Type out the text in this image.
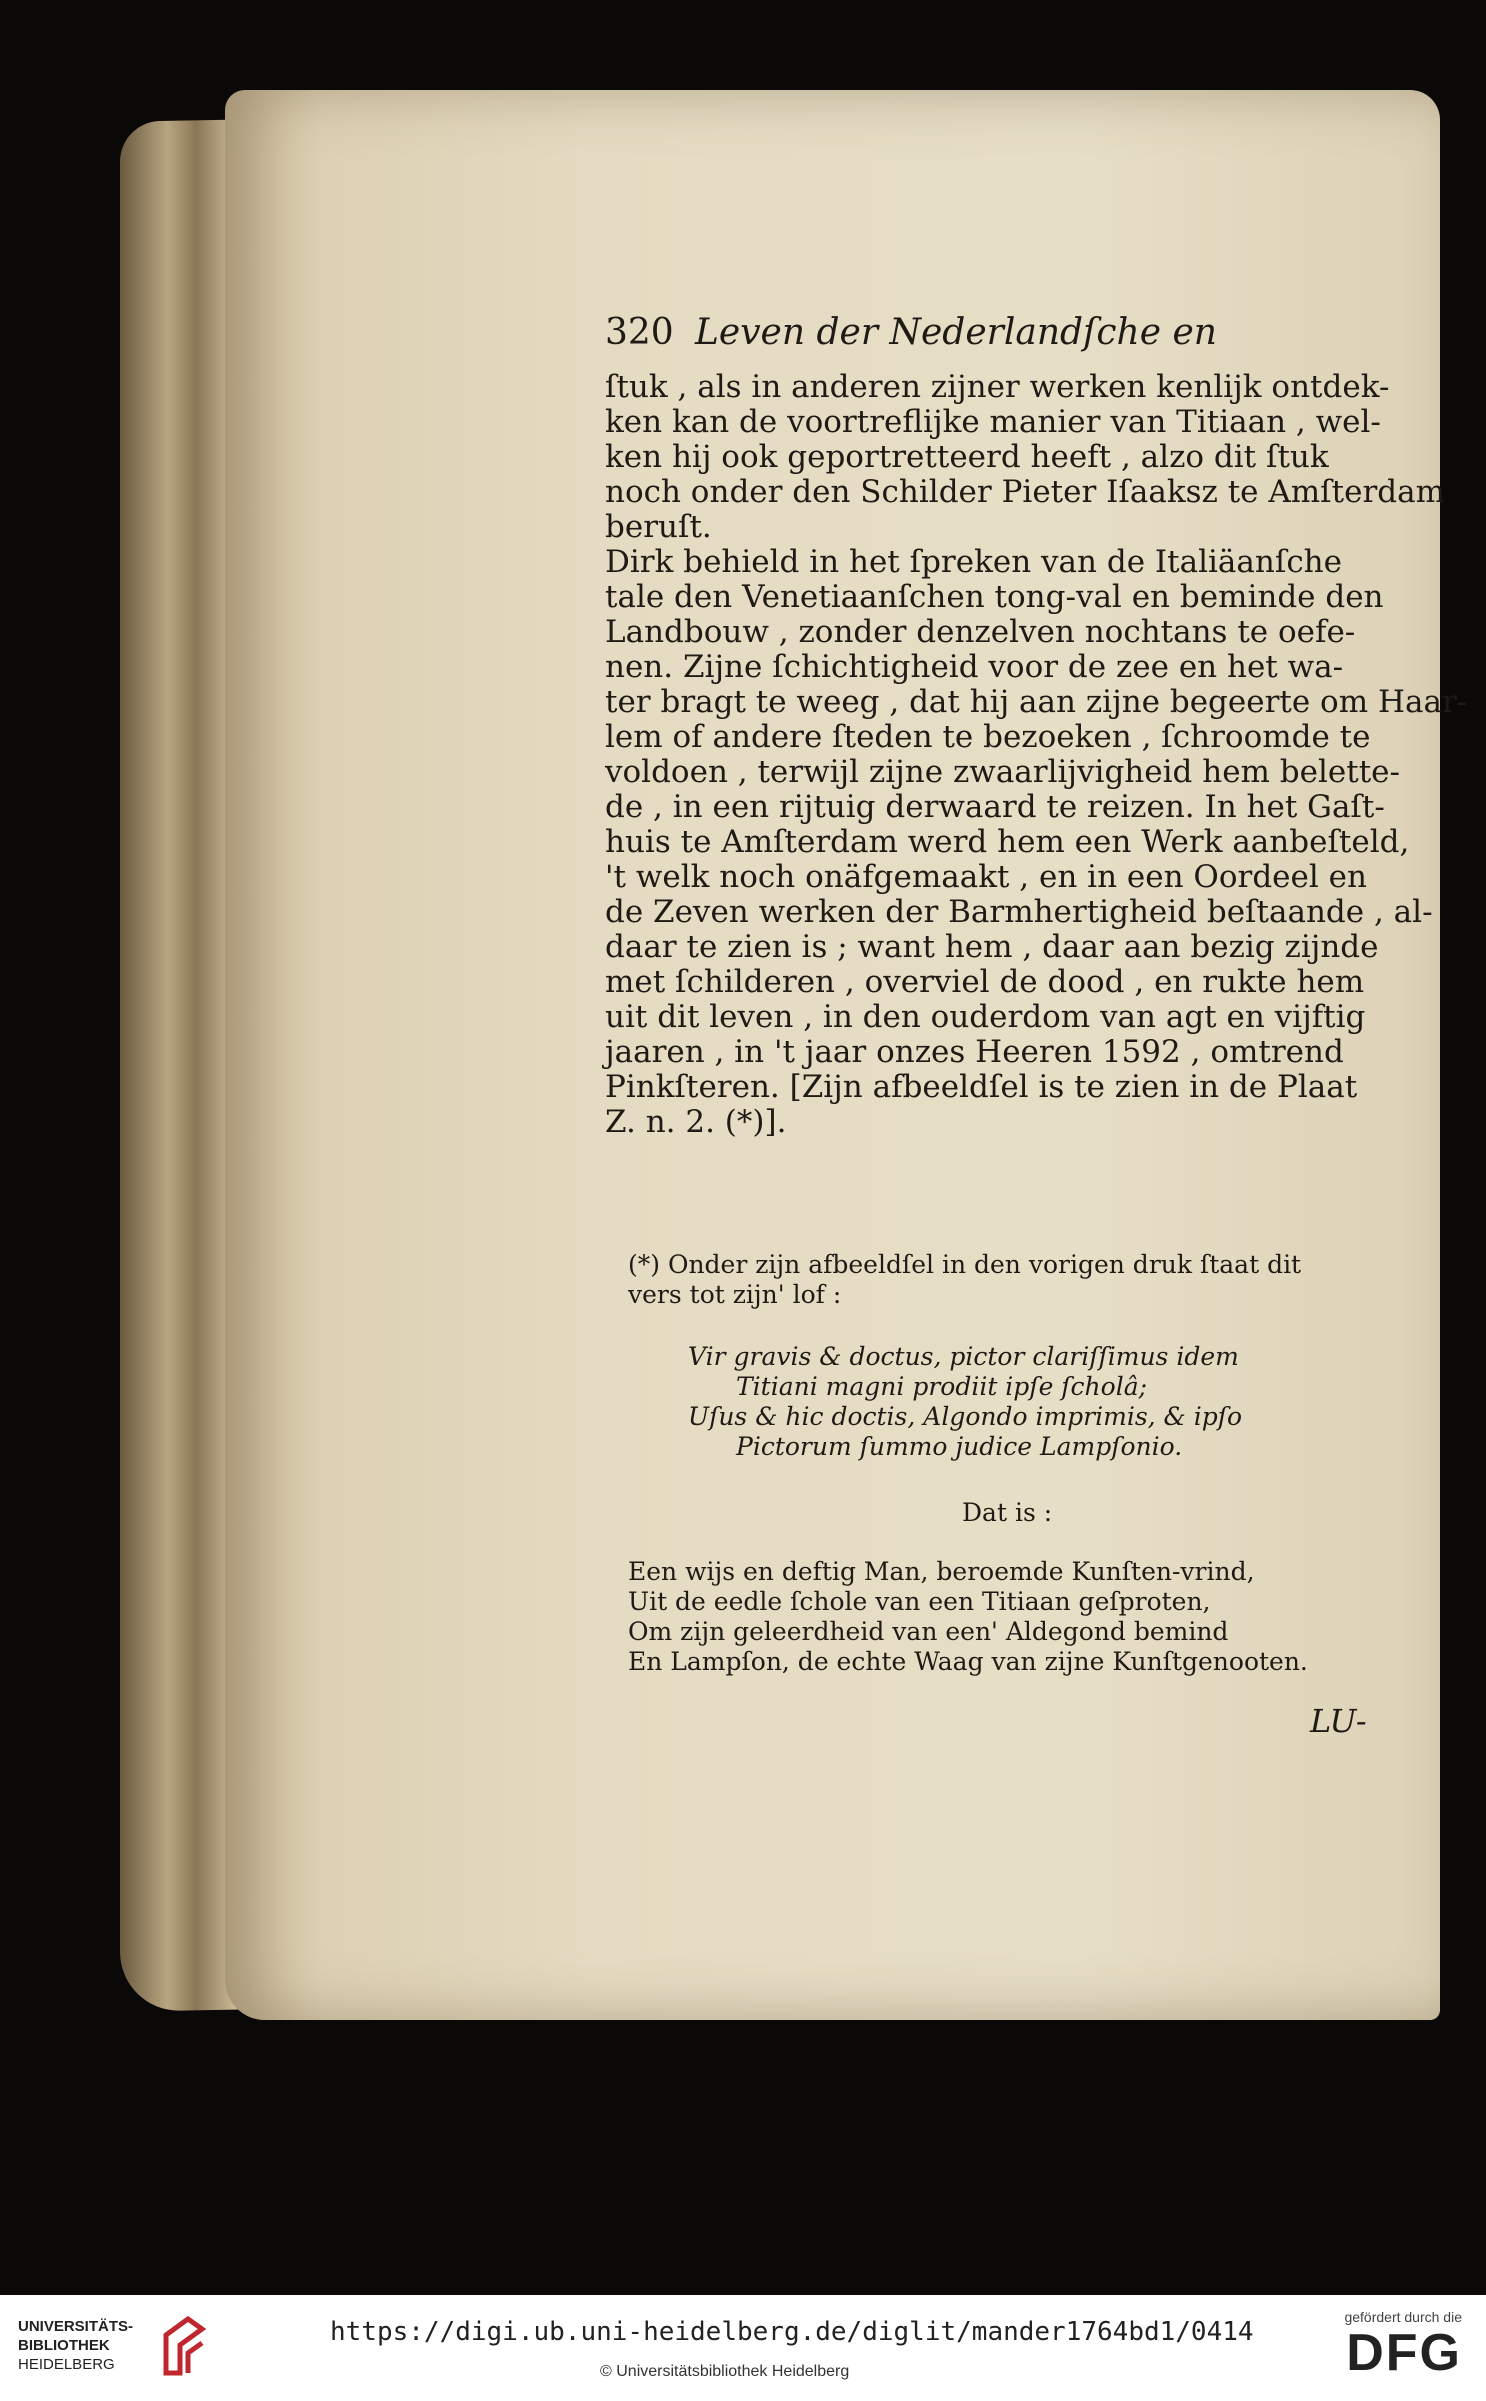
320 Leven der Nederlandſche en
ſtuk , als in anderen zijner werken kenlijk ontdek-
ken kan de voortreflijke manier van Titiaan , wel-
ken hij ook geportretteerd heeft , alzo dit ſtuk
noch onder den Schilder Pieter Iſaaksz te Amſterdam
beruſt.
Dirk behield in het ſpreken van de Italiäanſche
tale den Venetiaanſchen tong-val en beminde den
Landbouw , zonder denzelven nochtans te oefe-
nen. Zijne ſchichtigheid voor de zee en het wa-
ter bragt te weeg , dat hij aan zijne begeerte om Haar-
lem of andere ſteden te bezoeken , ſchroomde te
voldoen , terwijl zijne zwaarlijvigheid hem belette-
de , in een rijtuig derwaard te reizen. In het Gaſt-
huis te Amſterdam werd hem een Werk aanbeſteld,
't welk noch onäfgemaakt , en in een Oordeel en
de Zeven werken der Barmhertigheid beſtaande , al-
daar te zien is ; want hem , daar aan bezig zijnde
met ſchilderen , overviel de dood , en rukte hem
uit dit leven , in den ouderdom van agt en vijftig
jaaren , in 't jaar onzes Heeren 1592 , omtrend
Pinkſteren. [Zijn afbeeldſel is te zien in de Plaat
Z. n. 2. (*)].
(*) Onder zijn afbeeldſel in den vorigen druk ſtaat dit
vers tot zijn' lof :
Vir gravis & doctus, pictor clariſſimus idem
Titiani magni prodiit ipſe ſcholâ;
Uſus & hic doctis, Algondo imprimis, & ipſo
Pictorum ſummo judice Lampſonio.
Dat is :
Een wijs en deftig Man, beroemde Kunſten-vrind,
Uit de eedle ſchole van een Titiaan geſproten,
Om zijn geleerdheid van een' Aldegond bemind
En Lampſon, de echte Waag van zijne Kunſtgenooten.
LU-
UNIVERSITÄTS-
BIBLIOTHEK
HEIDELBERG
https://digi.ub.uni-heidelberg.de/diglit/mander1764bd1/0414
© Universitätsbibliothek Heidelberg
gefördert durch die
DFG
